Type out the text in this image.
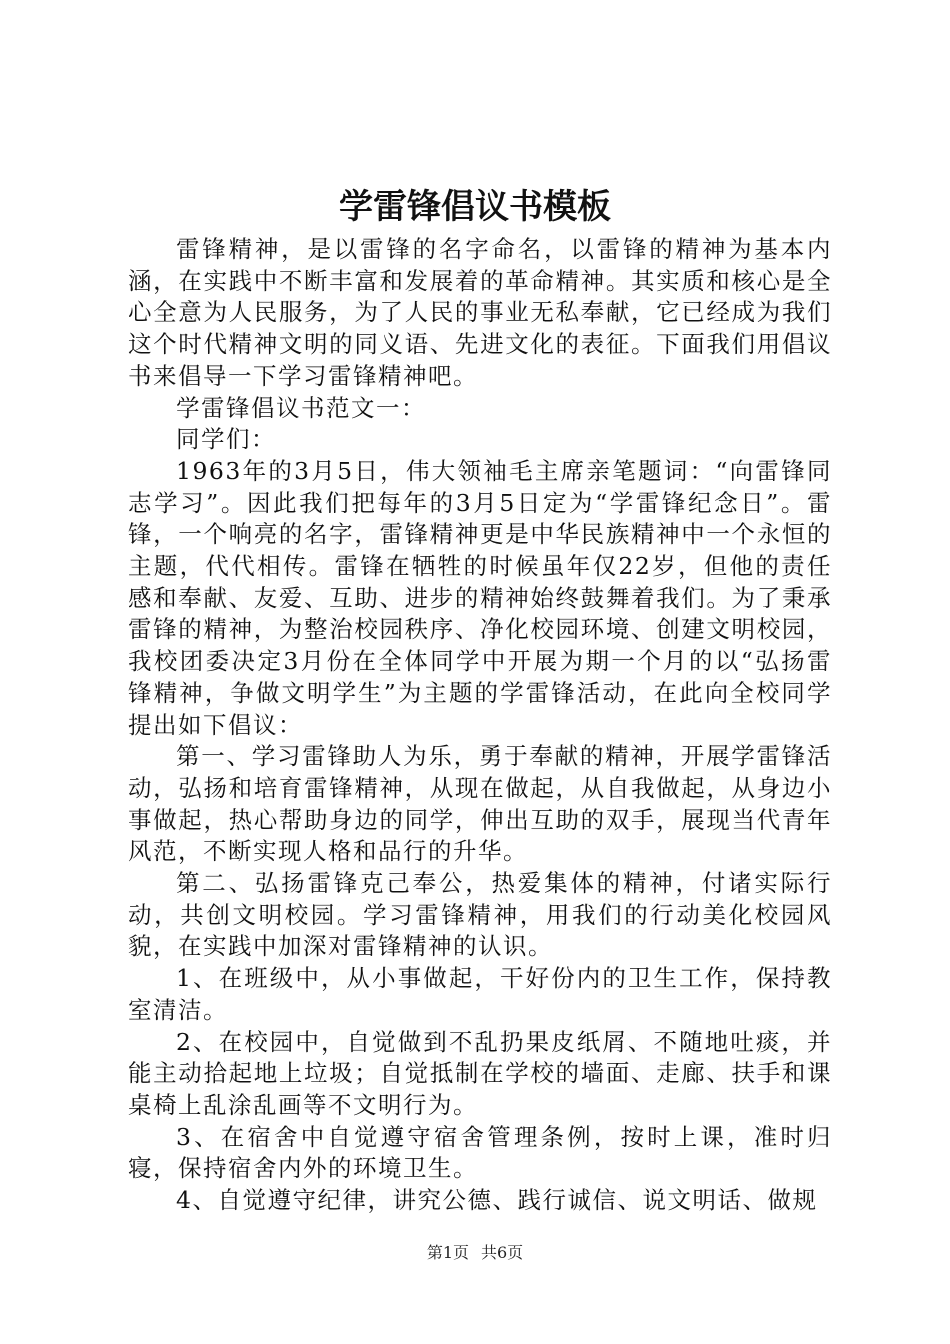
学雷锋倡议书模板

雷锋精神，是以雷锋的名字命名，以雷锋的精神为基本内涵，在实践中不断丰富和发展着的革命精神。其实质和核心是全心全意为人民服务，为了人民的事业无私奉献，它已经成为我们这个时代精神文明的同义语、先进文化的表征。下面我们用倡议书来倡导一下学习雷锋精神吧。

学雷锋倡议书范文一：

同学们：

1963年的3月5日，伟大领袖毛主席亲笔题词：“向雷锋同志学习”。因此我们把每年的3月5日定为“学雷锋纪念日”。雷锋，一个响亮的名字，雷锋精神更是中华民族精神中一个永恒的主题，代代相传。雷锋在牺牲的时候虽年仅22岁，但他的责任感和奉献、友爱、互助、进步的精神始终鼓舞着我们。为了秉承雷锋的精神，为整治校园秩序、净化校园环境、创建文明校园，我校团委决定3月份在全体同学中开展为期一个月的以“弘扬雷锋精神，争做文明学生”为主题的学雷锋活动，在此向全校同学提出如下倡议：

第一、学习雷锋助人为乐，勇于奉献的精神，开展学雷锋活动，弘扬和培育雷锋精神，从现在做起，从自我做起，从身边小事做起，热心帮助身边的同学，伸出互助的双手，展现当代青年风范，不断实现人格和品行的升华。

第二、弘扬雷锋克己奉公，热爱集体的精神，付诸实际行动，共创文明校园。学习雷锋精神，用我们的行动美化校园风貌，在实践中加深对雷锋精神的认识。

1、在班级中，从小事做起，干好份内的卫生工作，保持教室清洁。

2、在校园中，自觉做到不乱扔果皮纸屑、不随地吐痰，并能主动拾起地上垃圾；自觉抵制在学校的墙面、走廊、扶手和课桌椅上乱涂乱画等不文明行为。

3、在宿舍中自觉遵守宿舍管理条例，按时上课，准时归寝，保持宿舍内外的环境卫生。

4、自觉遵守纪律，讲究公德、践行诚信、说文明话、做规

第1页 共6页
